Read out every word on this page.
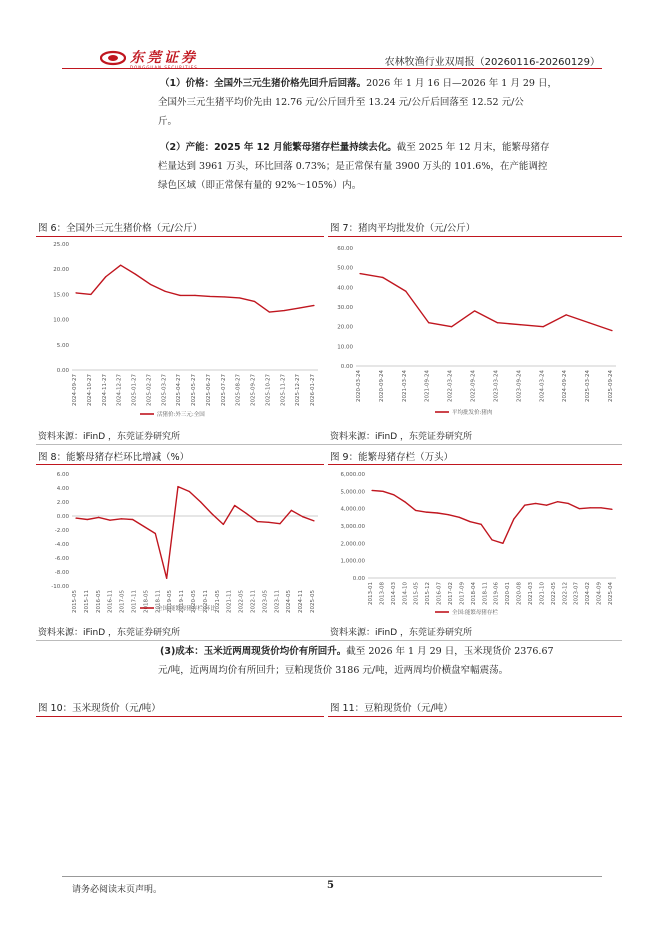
东莞证券	农林牧渔行业双周报（20260116-20260129）
（1）价格：全国外三元生猪价格先回升后回落。2026 年 1 月 16 日—2026 年 1 月 29 日，
全国外三元生猪平均价先由 12.76 元/公斤回升至 13.24 元/公斤后回落至 12.52 元/公
斤。
（2）产能：2025 年 12 月能繁母猪存栏量持续去化。截至 2025 年 12 月末，能繁母猪存
栏量达到 3961 万头，环比回落 0.73%；是正常保有量 3900 万头的 101.6%，在产能调控
绿色区域（即正常保有量的 92%～105%）内。
图 6：全国外三元生猪价格（元/公斤）
0.00
5.00
10.00
15.00
20.00
25.00
2024-09-27 2024-10-27 2024-11-27 2024-12-27 2025-01-27 2025-02-27 2025-03-27 2025-04-27 2025-05-27 2025-06-27 2025-07-27 2025-08-27 2025-09-27 2025-10-27 2025-11-27 2025-12-27 2026-01-27
活猪价:外三元:全国
资料来源：iFinD ，东莞证券研究所
图 7：猪肉平均批发价（元/公斤）
0.00
10.00
20.00
30.00
40.00
50.00
60.00
2020-03-24	2020-09-24	2021-03-24	2021-09-24	2022-03-24	2022-09-24	2023-03-24	2023-09-24	2024-03-24	2024-09-24	2025-03-24	2025-09-24
平均批发价:猪肉
资料来源：iFinD ，东莞证券研究所
图 8：能繁母猪存栏环比增减（%）
-10.00
-8.00
-6.00
-4.00
-2.00
0.00
2.00
4.00
6.00
2015-05 2015-11 2016-05 2016-11 2017-05 2017-11 2018-05 2018-11 2019-05 2019-11 2020-05 2020-11 2021-05 2021-11 2022-05 2022-11 2023-05 2023-11 2024-05 2024-11 2025-05
全国:能繁母猪存栏:环比
资料来源：iFinD ，东莞证券研究所
图 9：能繁母猪存栏（万头）
0.00
1,000.00
2,000.00
3,000.00
4,000.00
5,000.00
6,000.00
2013-01 2013-08 2014-03 2014-10 2015-05 2015-12 2016-07 2017-02 2017-09 2018-04 2018-11 2019-06 2020-01 2020-08 2021-03 2021-10 2022-05 2022-12 2023-07 2024-02 2024-09 2025-04
全国:能繁母猪存栏
资料来源：iFinD ，东莞证券研究所
(3)成本：玉米近两周现货价均价有所回升。截至 2026 年 1 月 29 日，玉米现货价 2376.67
元/吨，近两周均价有所回升；豆粕现货价 3186 元/吨，近两周均价横盘窄幅震荡。
图 10：玉米现货价（元/吨）	图 11：豆粕现货价（元/吨）
请务必阅读末页声明。	5
